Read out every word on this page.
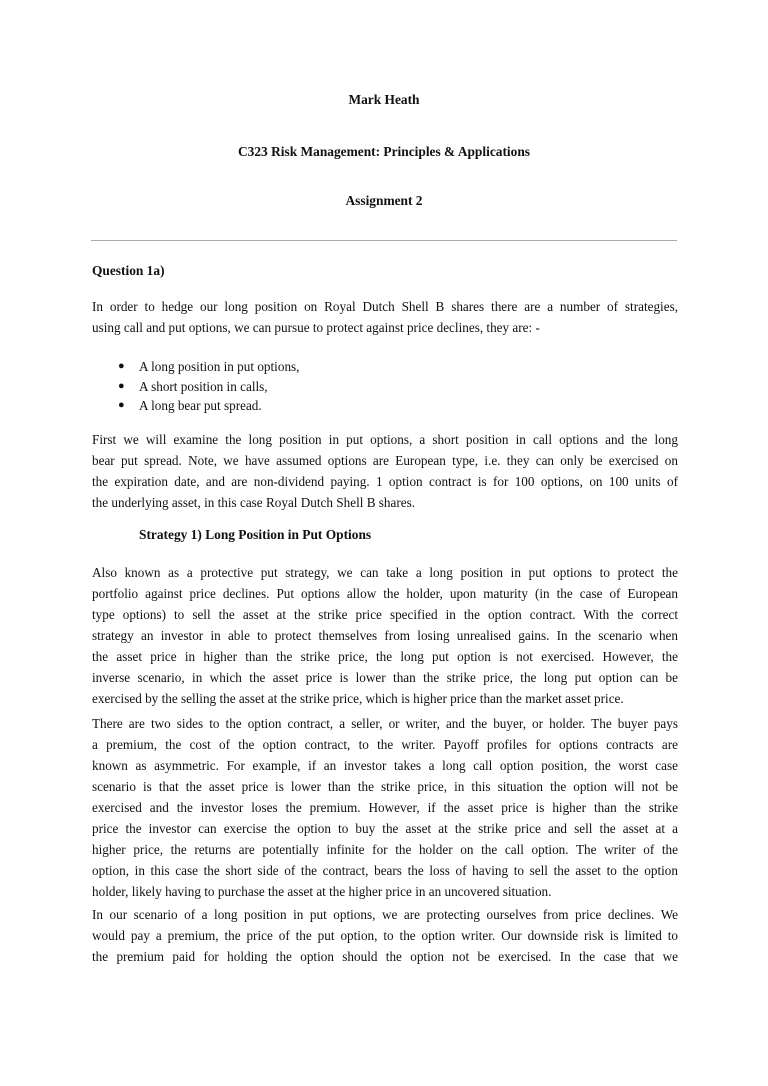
Mark Heath
C323 Risk Management: Principles & Applications
Assignment 2
Question 1a)
In order to hedge our long position on Royal Dutch Shell B shares there are a number of strategies,
using call and put options, we can pursue to protect against price declines, they are: -
● A long position in put options,
● A short position in calls,
● A long bear put spread.
First we will examine the long position in put options, a short position in call options and the long
bear put spread. Note, we have assumed options are European type, i.e. they can only be exercised on
the expiration date, and are non-dividend paying. 1 option contract is for 100 options, on 100 units of
the underlying asset, in this case Royal Dutch Shell B shares.
Strategy 1) Long Position in Put Options
Also known as a protective put strategy, we can take a long position in put options to protect the
portfolio against price declines. Put options allow the holder, upon maturity (in the case of European
type options) to sell the asset at the strike price specified in the option contract. With the correct
strategy an investor in able to protect themselves from losing unrealised gains. In the scenario when
the asset price in higher than the strike price, the long put option is not exercised. However, the
inverse scenario, in which the asset price is lower than the strike price, the long put option can be
exercised by the selling the asset at the strike price, which is higher price than the market asset price.
There are two sides to the option contract, a seller, or writer, and the buyer, or holder. The buyer pays
a premium, the cost of the option contract, to the writer. Payoff profiles for options contracts are
known as asymmetric. For example, if an investor takes a long call option position, the worst case
scenario is that the asset price is lower than the strike price, in this situation the option will not be
exercised and the investor loses the premium. However, if the asset price is higher than the strike
price the investor can exercise the option to buy the asset at the strike price and sell the asset at a
higher price, the returns are potentially infinite for the holder on the call option. The writer of the
option, in this case the short side of the contract, bears the loss of having to sell the asset to the option
holder, likely having to purchase the asset at the higher price in an uncovered situation.
In our scenario of a long position in put options, we are protecting ourselves from price declines. We
would pay a premium, the price of the put option, to the option writer. Our downside risk is limited to
the premium paid for holding the option should the option not be exercised. In the case that we
